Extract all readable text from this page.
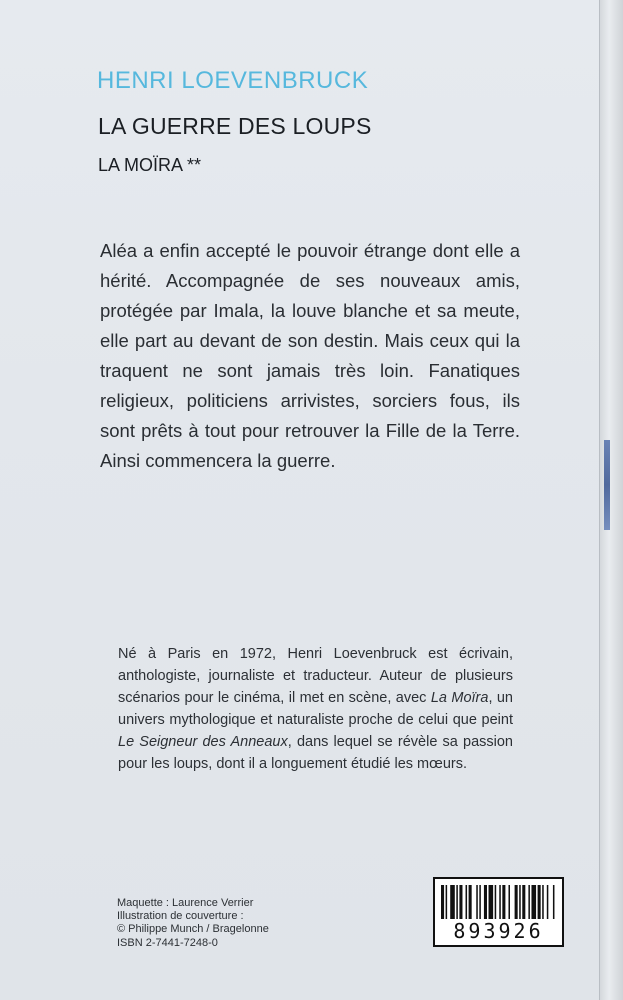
HENRI LOEVENBRUCK
LA GUERRE DES LOUPS
LA MOÏRA **

Aléa a enfin accepté le pouvoir étrange dont elle a hérité. Accompagnée de ses nouveaux amis, protégée par Imala, la louve blanche et sa meute, elle part au devant de son destin. Mais ceux qui la traquent ne sont jamais très loin. Fanatiques religieux, politiciens arrivistes, sorciers fous, ils sont prêts à tout pour retrouver la Fille de la Terre. Ainsi commencera la guerre.

Né à Paris en 1972, Henri Loevenbruck est écrivain, anthologiste, journaliste et traducteur. Auteur de plusieurs scénarios pour le cinéma, il met en scène, avec La Moïra, un univers mythologique et naturaliste proche de celui que peint Le Seigneur des Anneaux, dans lequel se révèle sa passion pour les loups, dont il a longuement étudié les mœurs.

Maquette : Laurence Verrier
Illustration de couverture :
© Philippe Munch / Bragelonne
ISBN 2-7441-7248-0	893926
